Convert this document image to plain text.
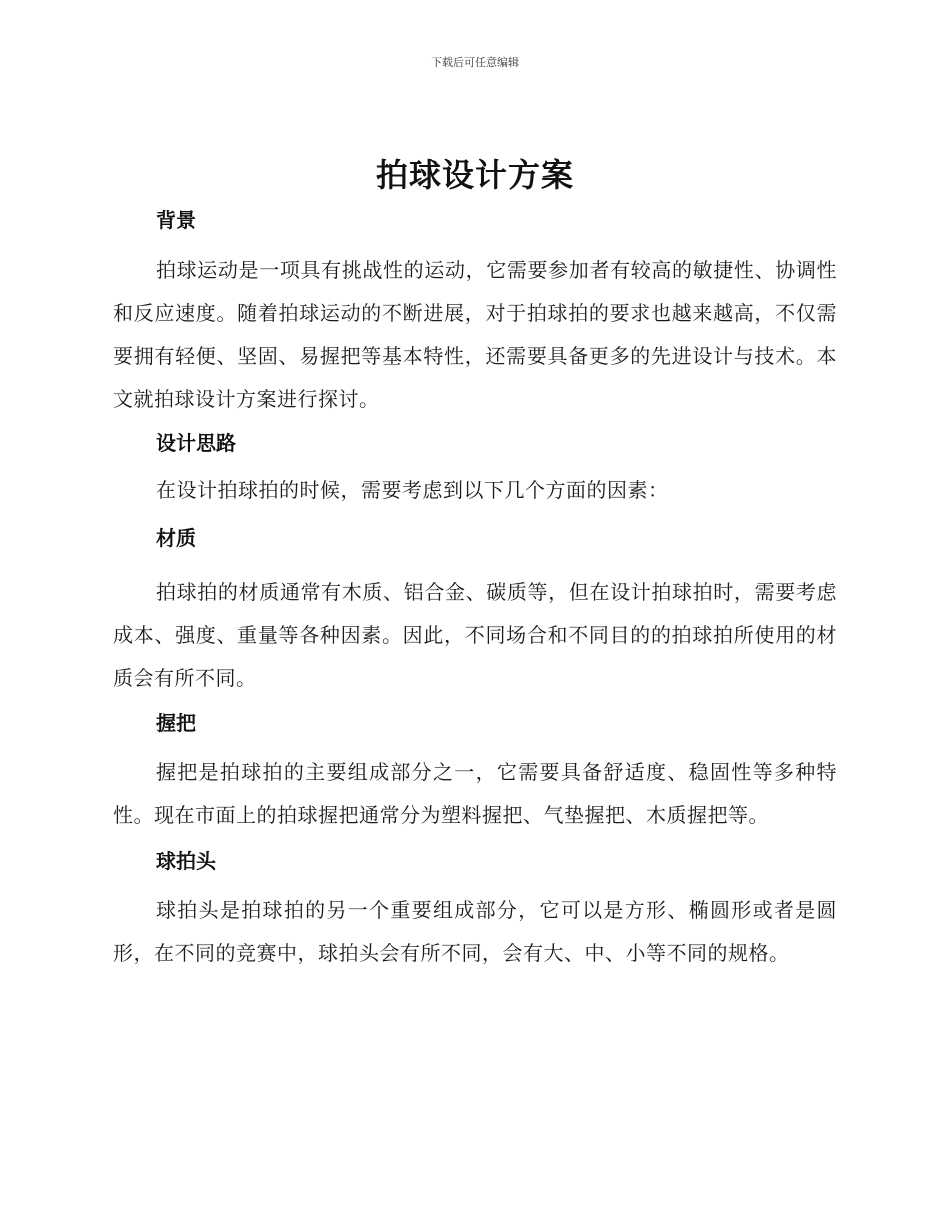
下载后可任意编辑
拍球设计方案
背景

拍球运动是一项具有挑战性的运动，它需要参加者有较高的敏捷性、协调性和反应速度。随着拍球运动的不断进展，对于拍球拍的要求也越来越高，不仅需要拥有轻便、坚固、易握把等基本特性，还需要具备更多的先进设计与技术。本文就拍球设计方案进行探讨。

设计思路

在设计拍球拍的时候，需要考虑到以下几个方面的因素：

材质

拍球拍的材质通常有木质、铝合金、碳质等，但在设计拍球拍时，需要考虑成本、强度、重量等各种因素。因此，不同场合和不同目的的拍球拍所使用的材质会有所不同。

握把

握把是拍球拍的主要组成部分之一，它需要具备舒适度、稳固性等多种特性。现在市面上的拍球握把通常分为塑料握把、气垫握把、木质握把等。

球拍头

球拍头是拍球拍的另一个重要组成部分，它可以是方形、椭圆形或者是圆形，在不同的竞赛中，球拍头会有所不同，会有大、中、小等不同的规格。
